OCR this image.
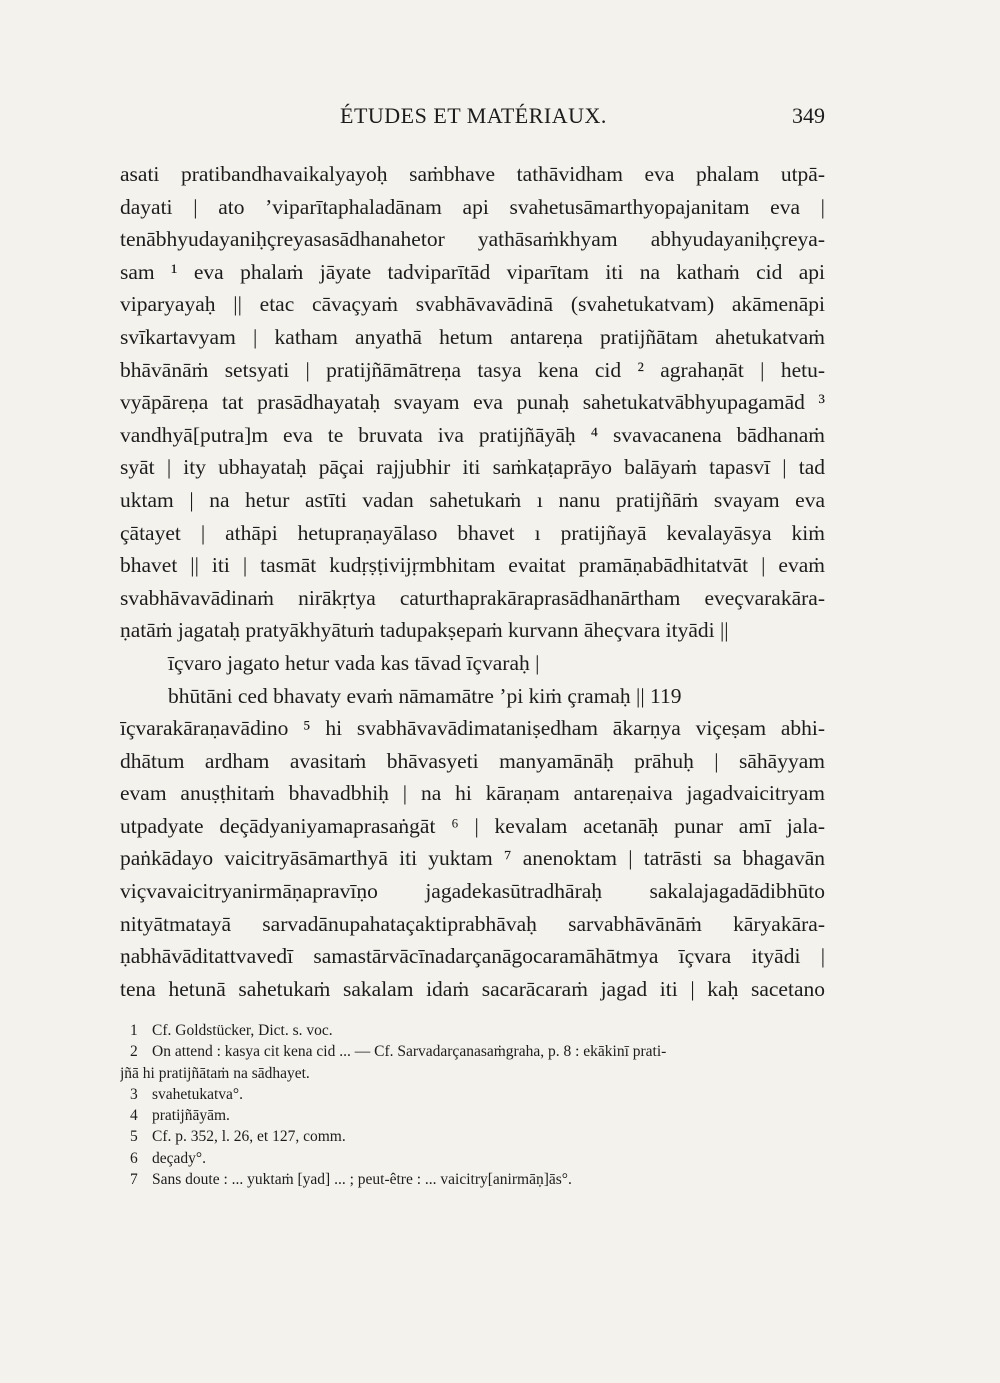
ÉTUDES ET MATÉRIAUX.	349
asati pratibandhavaikalyayoḥ saṁbhave tathāvidham eva phalam utpā-
dayati | ato ’viparītaphaladānam api svahetusāmarthyopajanitam eva |
tenābhyudayaniḥçreyasasādhanahetor yathāsaṁkhyam abhyudayaniḥçreya-
sam ¹ eva phalaṁ jāyate tadviparītād viparītam iti na kathaṁ cid api
viparyayaḥ || etac cāvaçyaṁ svabhāvavādinā (svahetukatvam) akāmenāpi
svīkartavyam | katham anyathā hetum antareṇa pratijñātam ahetukatvaṁ
bhāvānāṁ setsyati | pratijñāmātreṇa tasya kena cid ² agrahaṇāt | hetu-
vyāpāreṇa tat prasādhayataḥ svayam eva punaḥ sahetukatvābhyupagamād ³
vandhyā[putra]m eva te bruvata iva pratijñāyāḥ ⁴ svavacanena bādhanaṁ
syāt | ity ubhayataḥ pāçai rajjubhir iti saṁkaṭaprāyo balāyaṁ tapasvī | tad
uktam | na hetur astīti vadan sahetukaṁ ı nanu pratijñāṁ svayam eva
çātayet | athāpi hetupraṇayālaso bhavet ı pratijñayā kevalayāsya kiṁ
bhavet || iti | tasmāt kudṛṣṭivijṛmbhitam evaitat pramāṇabādhitatvāt | evaṁ
svabhāvavādinaṁ nirākṛtya caturthaprakāraprasādhanārtham eveçvarakāra-
ṇatāṁ jagataḥ pratyākhyātuṁ tadupakṣepaṁ kurvann āheçvara ityādi ||
īçvaro jagato hetur vada kas tāvad īçvaraḥ |
bhūtāni ced bhavaty evaṁ nāmamātre ’pi kiṁ çramaḥ || 119
īçvarakāraṇavādino ⁵ hi svabhāvavādimataniṣedham ākarṇya viçeṣam abhi-
dhātum ardham avasitaṁ bhāvasyeti manyamānāḥ prāhuḥ | sāhāyyam
evam anuṣṭhitaṁ bhavadbhiḥ | na hi kāraṇam antareṇaiva jagadvaicitryam
utpadyate deçādyaniyamaprasaṅgāt ⁶ | kevalam acetanāḥ punar amī jala-
paṅkādayo vaicitryāsāmarthyā iti yuktam ⁷ anenoktam | tatrāsti sa bhagavān
viçvavaicitryanirmāṇapravīṇo jagadekasūtradhāraḥ sakalajagadādibhūto
nityātmatayā sarvadānupahataçaktiprabhāvaḥ sarvabhāvānāṁ kāryakāra-
ṇabhāvāditattvavedī samastārvācīnadarçanāgocaramāhātmya īçvara ityādi |
tena hetunā sahetukaṁ sakalam idaṁ sacarācaraṁ jagad iti | kaḥ sacetano
1 Cf. Goldstücker, Dict. s. voc.
2 On attend : kasya cit kena cid ... — Cf. Sarvadarçanasaṁgraha, p. 8 : ekākinī prati-
jñā hi pratijñātaṁ na sādhayet.
3 svahetukatva°.
4 pratijñāyām.
5 Cf. p. 352, l. 26, et 127, comm.
6 deçady°.
7 Sans doute : ... yuktaṁ [yad] ... ; peut-être : ... vaicitry[anirmāṇ]ās°.
